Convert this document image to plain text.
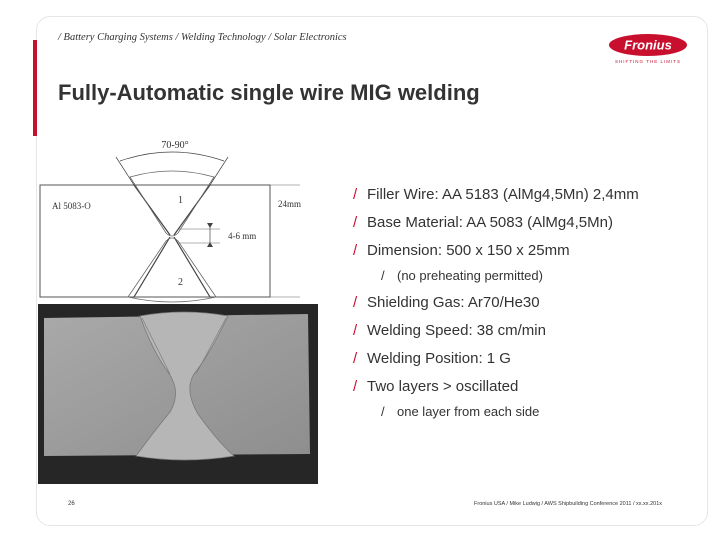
/ Battery Charging Systems / Welding Technology / Solar Electronics	Fronius
SHIFTING THE LIMITS
Fully-Automatic single wire MIG welding
70-90°
24mm
4-6 mm
Al 5083-O	1
2
/ Filler Wire: AA 5183 (AlMg4,5Mn) 2,4mm
/ Base Material: AA 5083 (AlMg4,5Mn)
/ Dimension: 500 x 150 x 25mm
/ (no preheating permitted)
/ Shielding Gas: Ar70/He30
/ Welding Speed: 38 cm/min
/ Welding Position: 1 G
/ Two layers > oscillated
/ one layer from each side
26	Fronius USA / Mike Ludwig / AWS Shipbuilding Conference 2011 / xx.xx.201x
